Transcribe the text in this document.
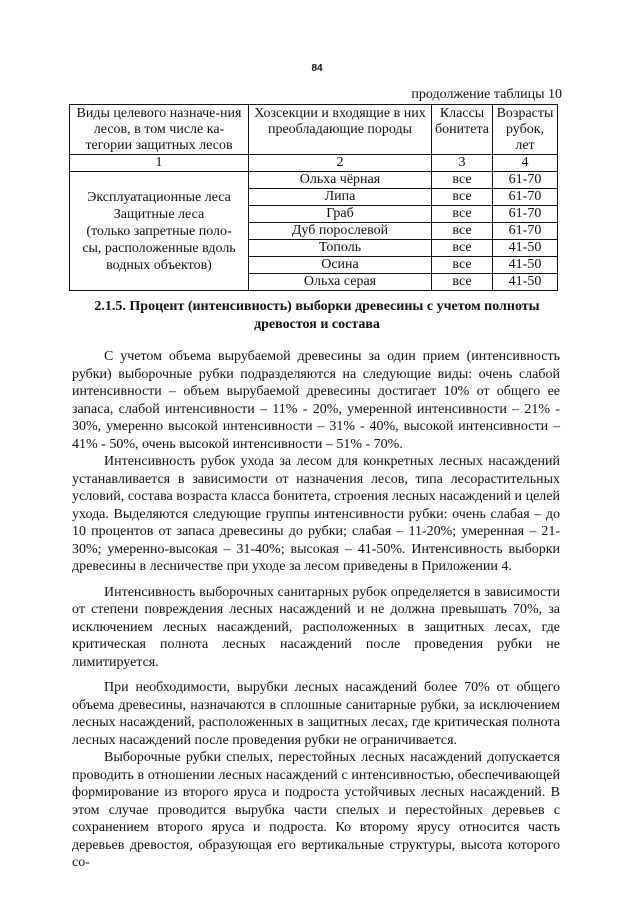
84
продолжение таблицы 10
Виды целевого назначе-ния лесов, в том числе ка-тегории защитных лесов	Хозсекции и входящие в них преобладающие породы	Классы бонитета	Возрасты рубок, лет
1	2	3	4

Эксплуатационные леса
Защитные леса
(только запретные поло-
сы, расположенные вдоль
водных объектов)	Ольха чёрная	все	61-70
	Липа	все	61-70
	Граб	все	61-70
	Дуб порослевой	все	61-70
	Тополь	все	41-50
	Осина	все	41-50
	Ольха серая	все	41-50
2.1.5. Процент (интенсивность) выборки древесины с учетом полноты древостоя и состава

С учетом объема вырубаемой древесины за один прием (интенсивность рубки) выборочные рубки подразделяются на следующие виды: очень слабой интенсивности – объем вырубаемой древесины достигает 10% от общего ее запаса, слабой интенсивности – 11% - 20%, умеренной интенсивности – 21% - 30%, умеренно высокой интенсивности – 31% - 40%, высокой интенсивности – 41% - 50%, очень высокой интенсивности – 51% - 70%.

Интенсивность рубок ухода за лесом для конкретных лесных насаждений устанавливается в зависимости от назначения лесов, типа лесорастительных условий, состава возраста класса бонитета, строения лесных насаждений и целей ухода. Выделяются следующие группы интенсивности рубки: очень слабая – до 10 процентов от запаса древесины до рубки; слабая – 11-20%; умеренная – 21-30%; умеренно-высокая – 31-40%; высокая – 41-50%. Интенсивность выборки древесины в лесничестве при уходе за лесом приведены в Приложении 4.

Интенсивность выборочных санитарных рубок определяется в зависимости от степени повреждения лесных насаждений и не должна превышать 70%, за исключением лесных насаждений, расположенных в защитных лесах, где критическая полнота лесных насаждений после проведения рубки не лимитируется.

При необходимости, вырубки лесных насаждений более 70% от общего объема древесины, назначаются в сплошные санитарные рубки, за исключением лесных насаждений, расположенных в защитных лесах, где критическая полнота лесных насаждений после проведения рубки не ограничивается.

Выборочные рубки спелых, перестойных лесных насаждений допускается проводить в отношении лесных насаждений с интенсивностью, обеспечивающей формирование из второго яруса и подроста устойчивых лесных насаждений. В этом случае проводится вырубка части спелых и перестойных деревьев с сохранением второго яруса и подроста. Ко второму ярусу относится часть деревьев древостоя, образующая его вертикальные структуры, высота которого со-
